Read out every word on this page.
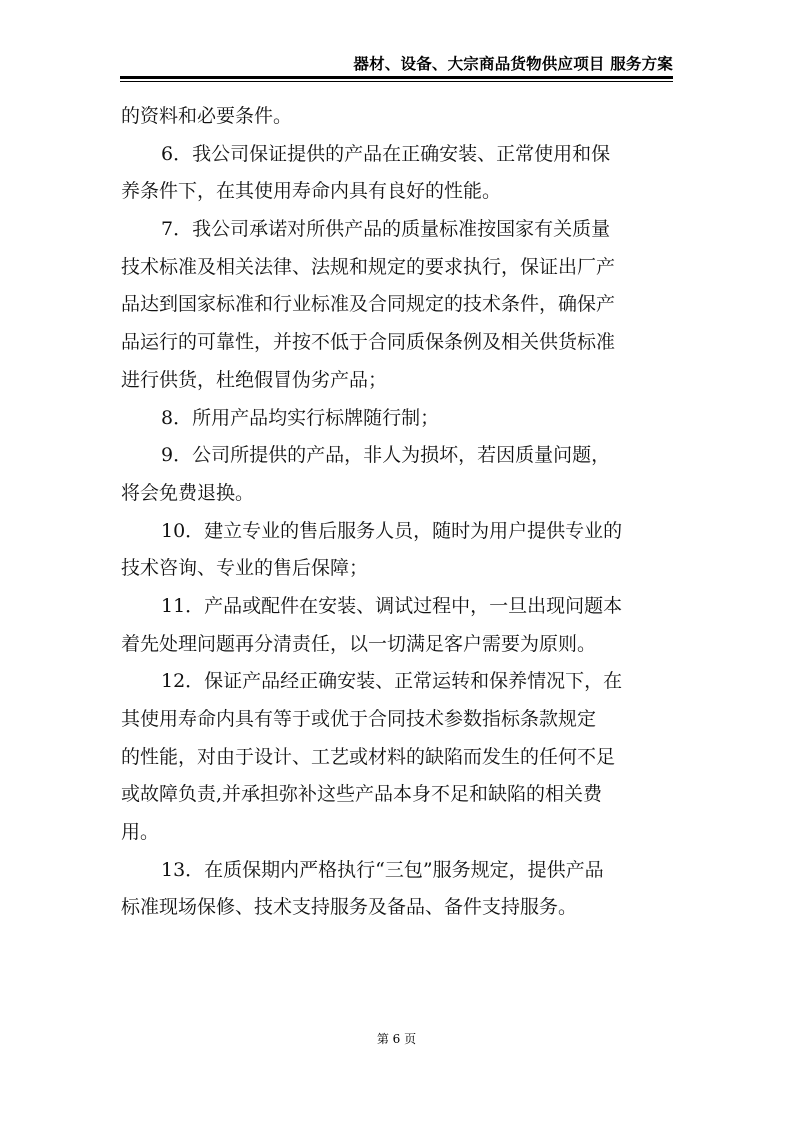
器材、设备、大宗商品货物供应项目 服务方案
的资料和必要条件。
6．我公司保证提供的产品在正确安装、正常使用和保
养条件下，在其使用寿命内具有良好的性能。
7．我公司承诺对所供产品的质量标准按国家有关质量
技术标准及相关法律、法规和规定的要求执行，保证出厂产
品达到国家标准和行业标准及合同规定的技术条件，确保产
品运行的可靠性，并按不低于合同质保条例及相关供货标准
进行供货，杜绝假冒伪劣产品；
8．所用产品均实行标牌随行制；
9．公司所提供的产品，非人为损坏，若因质量问题，
将会免费退换。
10．建立专业的售后服务人员，随时为用户提供专业的
技术咨询、专业的售后保障；
11．产品或配件在安装、调试过程中，一旦出现问题本
着先处理问题再分清责任，以一切满足客户需要为原则。
12．保证产品经正确安装、正常运转和保养情况下，在
其使用寿命内具有等于或优于合同技术参数指标条款规定
的性能，对由于设计、工艺或材料的缺陷而发生的任何不足
或故障负责,并承担弥补这些产品本身不足和缺陷的相关费
用。
13．在质保期内严格执行“三包”服务规定，提供产品
标准现场保修、技术支持服务及备品、备件支持服务。
第 6 页
